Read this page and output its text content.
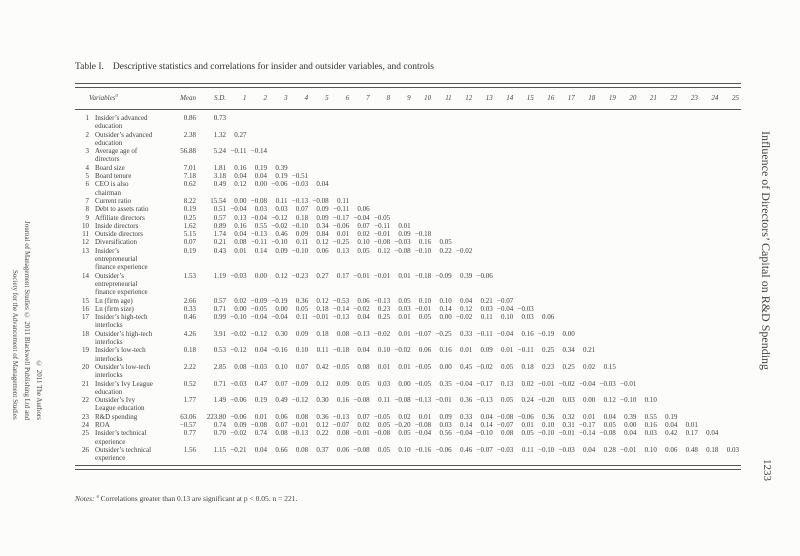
© 2011 The Authors
Journal of Management Studies © 2011 Blackwell Publishing Ltd and
Society for the Advancement of Management Studies	Influence of Directors’ Capital on R&D Spending
1233
Table I. Descriptive statistics and correlations for insider and outsider variables, and controls
Variables$^a$		Mean	S.D.	1	2	3	4	5	6	7	8	9	10	11	12	13	14	15	16	17	18	19	20	21	22	23	24	25
1	Insider’s advanced education	0.86	0.73																									
2	Outsider’s advanced education	2.38	1.32	0.27																								
3	Average age of directors	56.88	5.24	−0.11	−0.14																							
4	Board size	7.01	1.81	0.16	0.19	0.39																						
5	Board tenure	7.18	3.18	0.04	0.04	0.19	−0.51																					
6	CEO is also chairman	0.62	0.49	0.12	0.00	−0.06	−0.03	0.04																				
7	Current ratio	8.22	15.54	0.00	−0.08	0.11	−0.13	−0.08	0.11																			
8	Debt to assets ratio	0.19	0.51	−0.04	0.03	0.03	0.07	0.09	−0.11	0.06																		
9	Affiliate directors	0.25	0.57	0.13	−0.04	−0.12	0.18	0.09	−0.17	−0.04	−0.05																	
10	Inside directors	1.62	0.89	0.16	0.55	−0.02	−0.10	0.34	−0.06	0.07	−0.11	0.01																
11	Outside directors	5.15	1.74	0.04	−0.13	0.46	0.09	0.84	0.01	0.02	−0.01	0.09	−0.18															
12	Diversification	0.07	0.21	0.08	−0.11	−0.10	0.11	0.12	−0.25	0.10	−0.08	−0.03	0.16	0.05														
13	Insider’s entrepreneurial finance experience	0.19	0.43	0.01	0.14	0.09	−0.10	0.06	0.13	0.05	0.12	−0.08	−0.10	0.22	−0.02													
14	Outsider’s entrepreneurial finance experience	1.53	1.19	−0.03	0.00	0.12	−0.23	0.27	0.17	−0.01	−0.01	0.01	−0.18	−0.09	0.39	−0.06												
15	Ln (firm age)	2.66	0.57	0.02	−0.09	−0.19	0.36	0.12	−0.53	0.06	−0.13	0.05	0.10	0.10	0.04	0.21	−0.07											
16	Ln (firm size)	0.33	0.71	0.00	−0.05	0.00	0.05	0.18	−0.14	−0.02	0.23	0.03	−0.01	0.14	0.12	0.03	−0.04	−0.03										
17	Insider’s high-tech interlocks	0.46	0.99	−0.10	−0.04	−0.04	0.11	−0.01	−0.13	0.04	0.25	0.01	0.05	0.00	−0.02	0.11	0.10	0.03	0.06									
18	Outsider’s high-tech interlocks	4.26	3.91	−0.02	−0.12	0.30	0.09	0.18	0.08	−0.13	−0.02	0.01	−0.07	−0.25	0.33	−0.11	−0.04	0.16	−0.19	0.00								
19	Insider’s low-tech interlocks	0.18	0.53	−0.12	0.04	−0.16	0.10	0.11	−0.18	0.04	0.10	−0.02	0.06	0.16	0.01	0.09	0.01	−0.11	0.25	0.34	0.21							
20	Outsider’s low-tech interlocks	2.22	2.85	0.08	−0.03	0.10	0.07	0.42	−0.05	0.08	0.01	0.01	−0.05	0.00	0.45	−0.02	0.05	0.18	0.23	0.25	0.02	0.15						
21	Insider’s Ivy League education	0.52	0.71	−0.03	0.47	0.07	−0.09	0.12	0.09	0.05	0.03	0.00	−0.05	0.35	−0.04	−0.17	0.13	0.02	−0.01	−0.02	−0.04	−0.03	−0.01					
22	Outsider’s Ivy League education	1.77	1.49	−0.06	0.19	0.49	−0.12	0.30	0.16	−0.08	0.11	−0.08	−0.13	−0.01	0.36	−0.13	0.05	0.24	−0.20	0.03	0.00	0.12	−0.10	0.10				
23	R&D spending	63.06	223.80	−0.06	0.01	0.06	0.08	0.36	−0.13	0.07	−0.05	0.02	0.01	0.09	0.33	0.04	−0.08	−0.06	0.36	0.32	0.01	0.04	0.39	0.55	0.19			
24	ROA	−0.57	0.74	0.09	−0.08	0.07	−0.01	0.12	−0.07	0.02	0.05	−0.20	−0.08	0.03	0.14	0.14	−0.07	0.01	0.10	0.31	−0.17	0.05	0.00	0.16	0.04	0.01		
25	Insider’s technical experience	0.77	0.70	−0.02	0.74	0.08	−0.13	0.22	0.08	−0.01	−0.08	0.05	−0.04	0.56	−0.04	−0.10	0.08	0.05	−0.10	−0.01	−0.14	−0.08	0.04	0.03	0.42	0.17	0.04	
26	Outsider’s technical experience	1.56	1.15	−0.21	0.04	0.66	0.08	0.37	0.06	−0.08	0.05	0.10	−0.16	−0.06	0.46	−0.07	−0.03	0.11	−0.10	−0.03	0.04	0.28	−0.01	0.10	0.06	0.48	0.18	0.03
Notes: $^a$ Correlations greater than 0.13 are significant at p < 0.05. n = 221.
